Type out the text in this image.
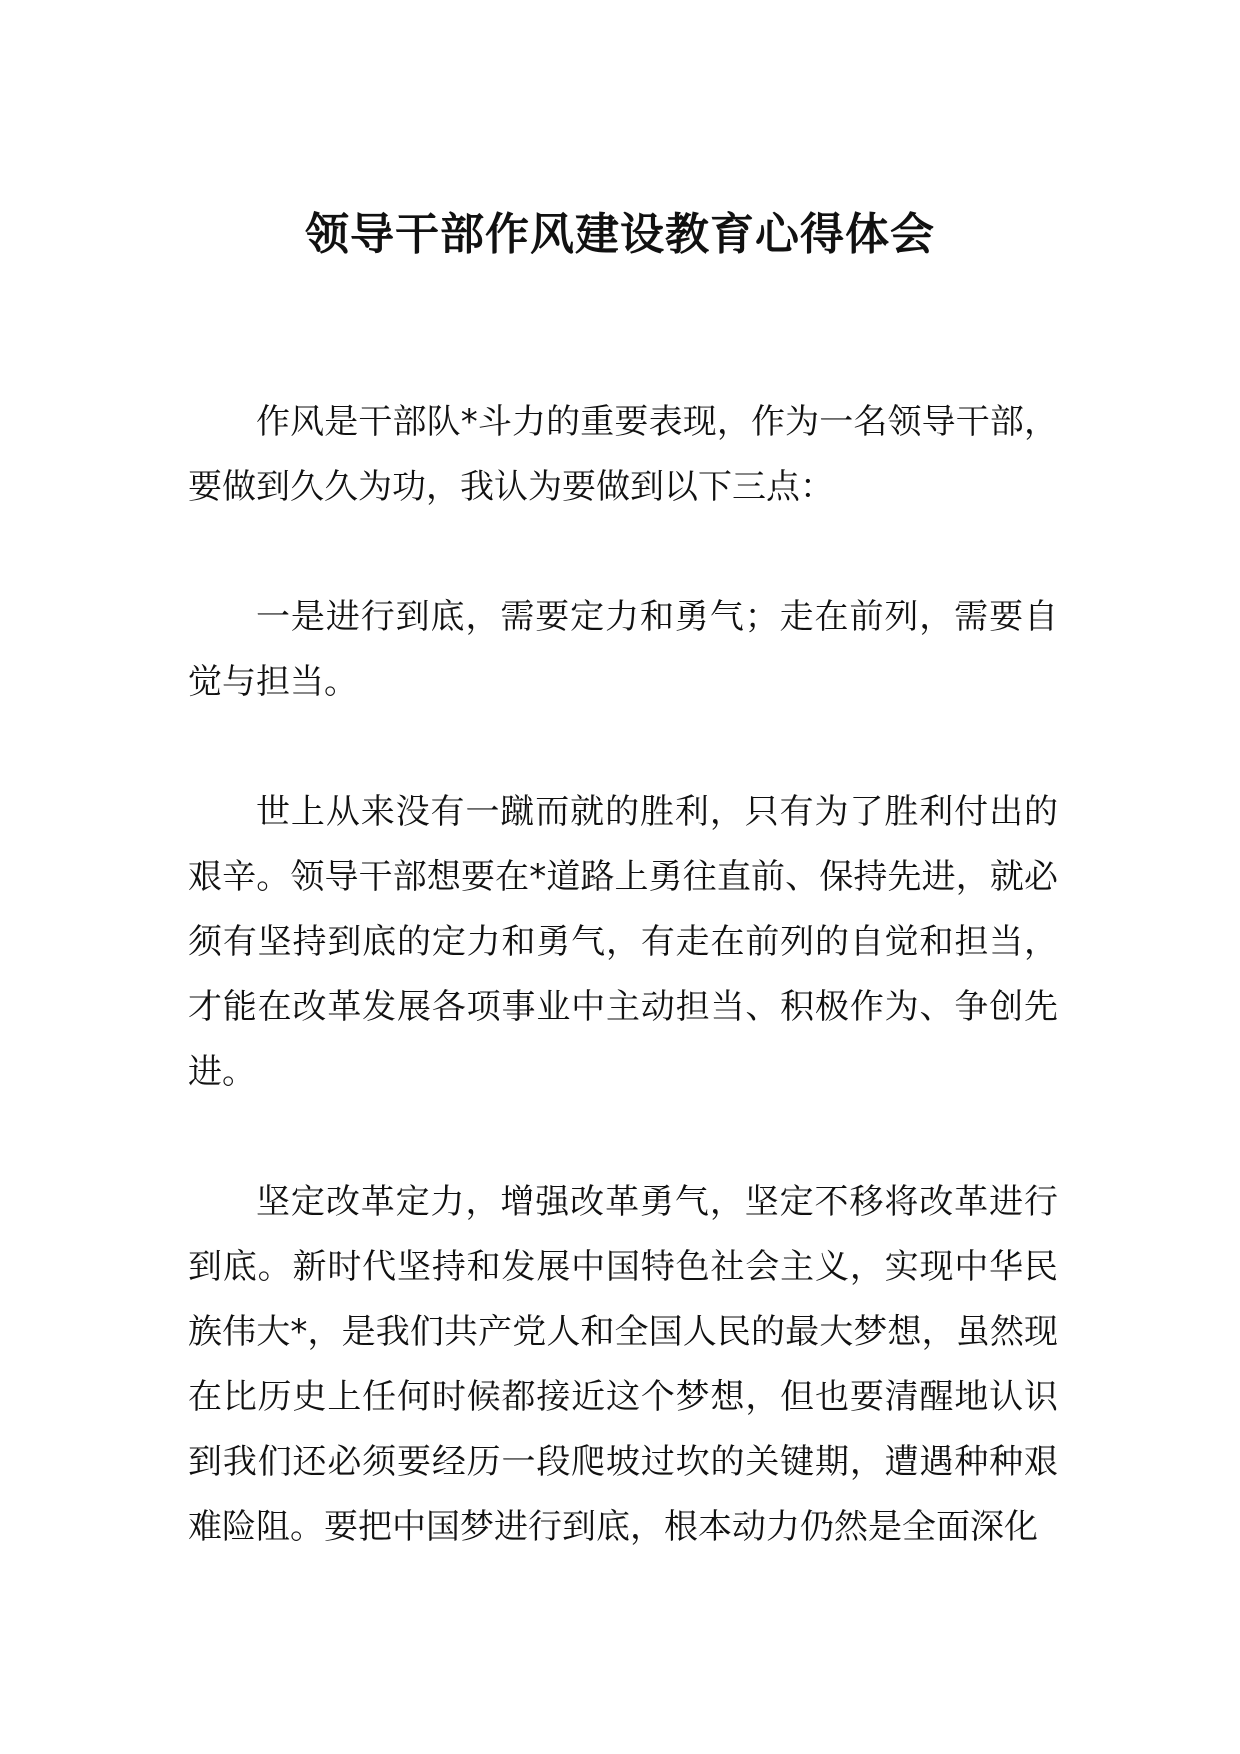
领导干部作风建设教育心得体会

作风是干部队*斗力的重要表现，作为一名领导干部，要做到久久为功，我认为要做到以下三点：

一是进行到底，需要定力和勇气；走在前列，需要自觉与担当。

世上从来没有一蹴而就的胜利，只有为了胜利付出的艰辛。领导干部想要在*道路上勇往直前、保持先进，就必须有坚持到底的定力和勇气，有走在前列的自觉和担当，才能在改革发展各项事业中主动担当、积极作为、争创先进。

坚定改革定力，增强改革勇气，坚定不移将改革进行到底。新时代坚持和发展中国特色社会主义，实现中华民族伟大*，是我们共产党人和全国人民的最大梦想，虽然现在比历史上任何时候都接近这个梦想，但也要清醒地认识到我们还必须要经历一段爬坡过坎的关键期，遭遇种种艰难险阻。要把中国梦进行到底，根本动力仍然是全面深化
